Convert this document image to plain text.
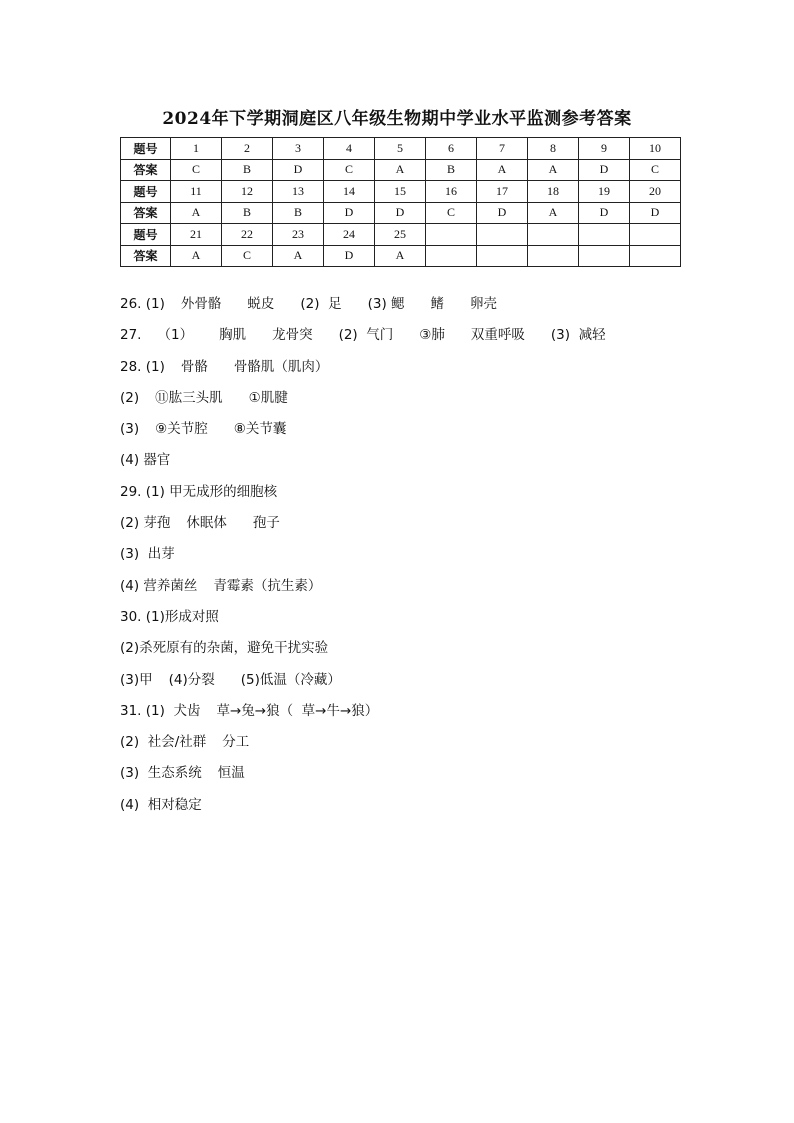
2024年下学期洞庭区八年级生物期中学业水平监测参考答案
题号	1	2	3	4	5	6	7	8	9	10
答案	C	B	D	C	A	B	A	A	D	C
题号	11	12	13	14	15	16	17	18	19	20
答案	A	B	B	D	D	C	D	A	D	D
题号	21	22	23	24	25					
答案	A	C	A	D	A					
26. (1) 外骨骼 蜕皮 (2)  足 (3) 鳃 鳍 卵壳
27. （1） 胸肌 龙骨突 (2)  气门 ③肺 双重呼吸 (3)  减轻
28. (1) 骨骼 骨骼肌（肌肉）
(2) ⑪肱三头肌 ①肌腱
(3) ⑨关节腔 ⑧关节囊
(4) 器官
29. (1) 甲无成形的细胞核
(2) 芽孢 休眠体 孢子
(3)  出芽
(4) 营养菌丝 青霉素（抗生素）
30. (1)形成对照
(2)杀死原有的杂菌，避免干扰实验
(3)甲 (4)分裂 (5)低温（冷藏）
31. (1)  犬齿 草→兔→狼（  草→牛→狼）
(2)  社会/社群 分工
(3)  生态系统 恒温
(4)  相对稳定
